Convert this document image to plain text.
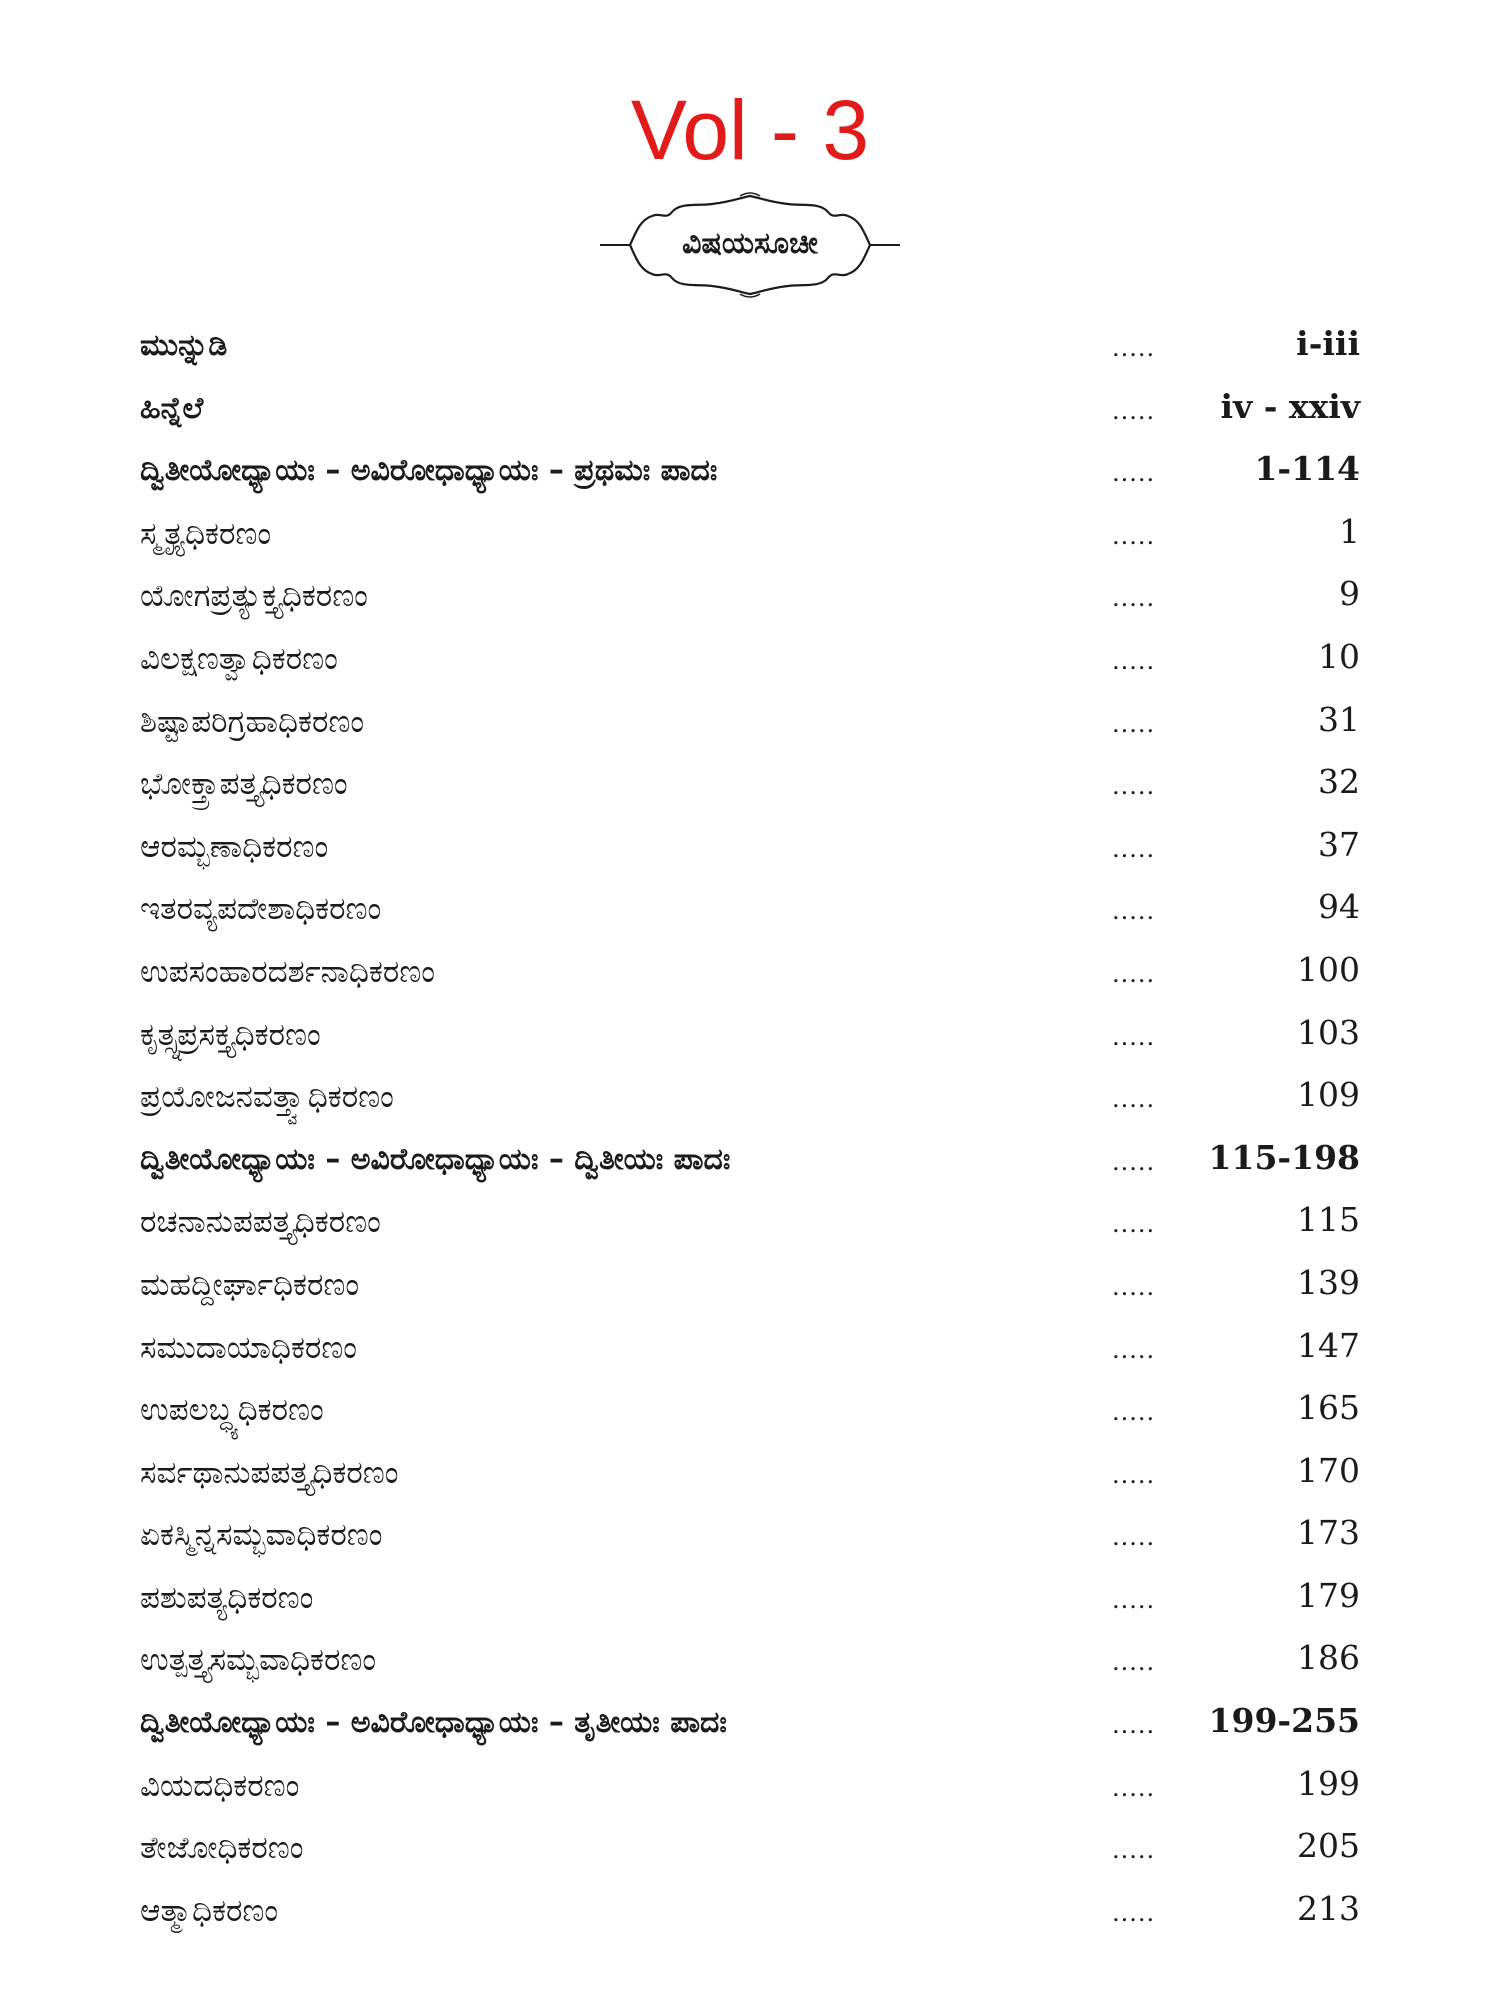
Vol - 3
ವಿಷಯಸೂಚೀ
ಮುನ್ನುಡಿ	.....	i-iii
ಹಿನ್ನೆಲೆ	..... iv - xxiv
ದ್ವಿತೀಯೋಧ್ಯಾಯಃ – ಅವಿರೋಧಾಧ್ಯಾಯಃ – ಪ್ರಥಮಃ ಪಾದಃ	.....	1-114
ಸ್ಮೃತ್ಯಧಿಕರಣಂ	.....	1
ಯೋಗಪ್ರತ್ಯುಕ್ತ್ಯಧಿಕರಣಂ	.....	9
ವಿಲಕ್ಷಣತ್ವಾಧಿಕರಣಂ	.....	10
ಶಿಷ್ಟಾಪರಿಗ್ರಹಾಧಿಕರಣಂ	.....	31
ಭೋಕ್ತ್ರಾಪತ್ತ್ಯಧಿಕರಣಂ	.....	32
ಆರಮ್ಭಣಾಧಿಕರಣಂ	.....	37
ಇತರವ್ಯಪದೇಶಾಧಿಕರಣಂ	.....	94
ಉಪಸಂಹಾರದರ್ಶನಾಧಿಕರಣಂ	.....	100
ಕೃತ್ಸ್ನಪ್ರಸಕ್ತ್ಯಧಿಕರಣಂ	.....	103
ಪ್ರಯೋಜನವತ್ತ್ವಾಧಿಕರಣಂ	.....	109
ದ್ವಿತೀಯೋಧ್ಯಾಯಃ – ಅವಿರೋಧಾಧ್ಯಾಯಃ – ದ್ವಿತೀಯಃ ಪಾದಃ	..... 115-198
ರಚನಾನುಪಪತ್ತ್ಯಧಿಕರಣಂ	.....	115
ಮಹದ್ದೀರ್ಘಾಧಿಕರಣಂ	.....	139
ಸಮುದಾಯಾಧಿಕರಣಂ	.....	147
ಉಪಲಬ್ಧ್ಯಧಿಕರಣಂ	.....	165
ಸರ್ವಥಾನುಪಪತ್ತ್ಯಧಿಕರಣಂ	.....	170
ಏಕಸ್ಮಿನ್ನಸಮ್ಭವಾಧಿಕರಣಂ	.....	173
ಪಶುಪತ್ಯಧಿಕರಣಂ	.....	179
ಉತ್ಪತ್ತ್ಯಸಮ್ಭವಾಧಿಕರಣಂ	.....	186
ದ್ವಿತೀಯೋಧ್ಯಾಯಃ – ಅವಿರೋಧಾಧ್ಯಾಯಃ – ತೃತೀಯಃ ಪಾದಃ	..... 199-255
ವಿಯದಧಿಕರಣಂ	.....	199
ತೇಜೋಧಿಕರಣಂ	.....	205
ಆತ್ಮಾಧಿಕರಣಂ	.....	213
